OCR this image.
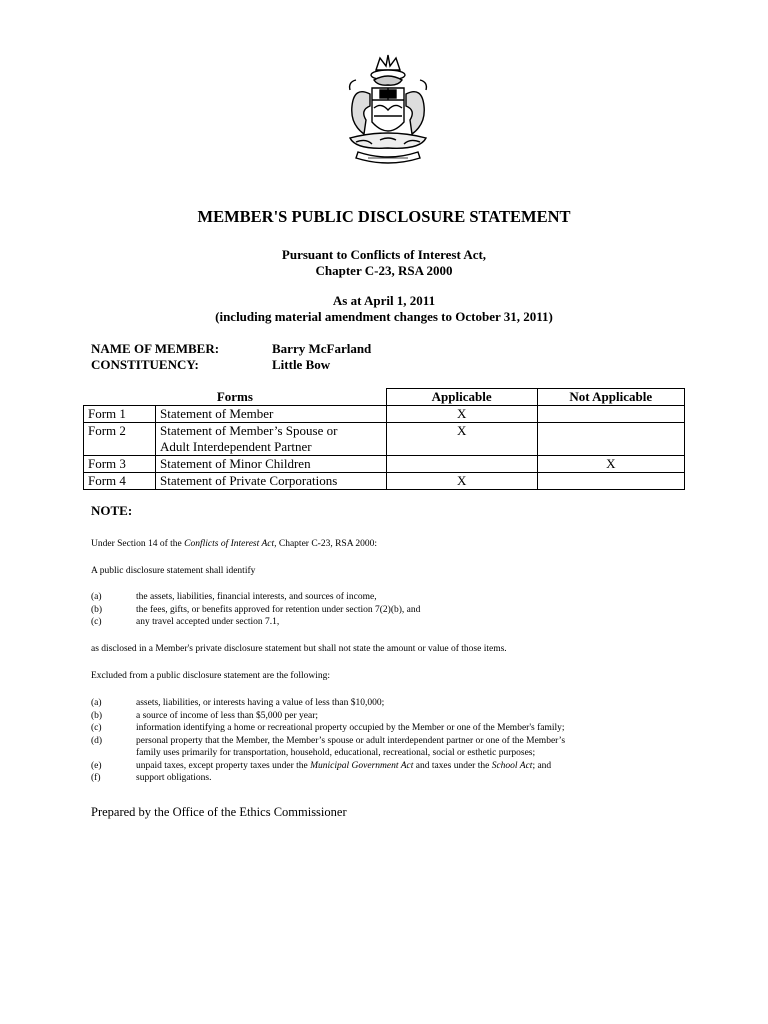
MEMBER'S PUBLIC DISCLOSURE STATEMENT
Pursuant to Conflicts of Interest Act,
Chapter C-23, RSA 2000
As at April 1, 2011
(including material amendment changes to October 31, 2011)
NAME OF MEMBER:	Barry McFarland
CONSTITUENCY:	Little Bow
Forms		Applicable	Not Applicable
Form 1	Statement of Member	X	
Form 2	Statement of Member’s Spouse or
Adult Interdependent Partner	X	
Form 3	Statement of Minor Children		X
Form 4	Statement of Private Corporations	X	
NOTE:
Under Section 14 of the Conflicts of Interest Act, Chapter C-23, RSA 2000:
A public disclosure statement shall identify
(a)	the assets, liabilities, financial interests, and sources of income,
(b)	the fees, gifts, or benefits approved for retention under section 7(2)(b), and
(c)	any travel accepted under section 7.1,
as disclosed in a Member's private disclosure statement but shall not state the amount or value of those items.
Excluded from a public disclosure statement are the following:
(a)	assets, liabilities, or interests having a value of less than $10,000;
(b)	a source of income of less than $5,000 per year;
(c)	information identifying a home or recreational property occupied by the Member or one of the Member's family;
(d)	personal property that the Member, the Member’s spouse or adult interdependent partner or one of the Member’s
family uses primarily for transportation, household, educational, recreational, social or esthetic purposes;
(e)	unpaid taxes, except property taxes under the Municipal Government Act and taxes under the School Act; and
(f)	support obligations.
Prepared by the Office of the Ethics Commissioner
